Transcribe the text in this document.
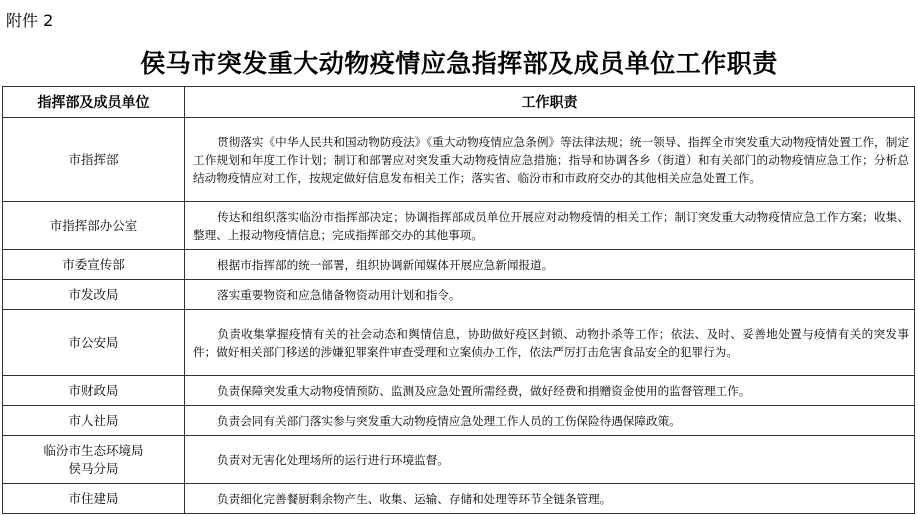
附件 2
侯马市突发重大动物疫情应急指挥部及成员单位工作职责
指挥部及成员单位	工作职责
市指挥部	贯彻落实《中华人民共和国动物防疫法》《重大动物疫情应急条例》等法律法规；统一领导、指挥全市突发重大动物疫情处置工作，制定工作规划和年度工作计划；制订和部署应对突发重大动物疫情应急措施；指导和协调各乡（街道）和有关部门的动物疫情应急工作；分析总结动物疫情应对工作，按规定做好信息发布相关工作；落实省、临汾市和市政府交办的其他相关应急处置工作。
市指挥部办公室	传达和组织落实临汾市指挥部决定；协调指挥部成员单位开展应对动物疫情的相关工作；制订突发重大动物疫情应急工作方案；收集、整理、上报动物疫情信息；完成指挥部交办的其他事项。
市委宣传部	根据市指挥部的统一部署，组织协调新闻媒体开展应急新闻报道。
市发改局	落实重要物资和应急储备物资动用计划和指令。
市公安局	负责收集掌握疫情有关的社会动态和舆情信息，协助做好疫区封锁、动物扑杀等工作；依法、及时、妥善地处置与疫情有关的突发事件；做好相关部门移送的涉嫌犯罪案件审查受理和立案侦办工作，依法严厉打击危害食品安全的犯罪行为。
市财政局	负责保障突发重大动物疫情预防、监测及应急处置所需经费，做好经费和捐赠资金使用的监督管理工作。
市人社局	负责会同有关部门落实参与突发重大动物疫情应急处理工作人员的工伤保险待遇保障政策。
临汾市生态环境局
侯马分局	负责对无害化处理场所的运行进行环境监督。
市住建局	负责细化完善餐厨剩余物产生、收集、运输、存储和处理等环节全链条管理。
